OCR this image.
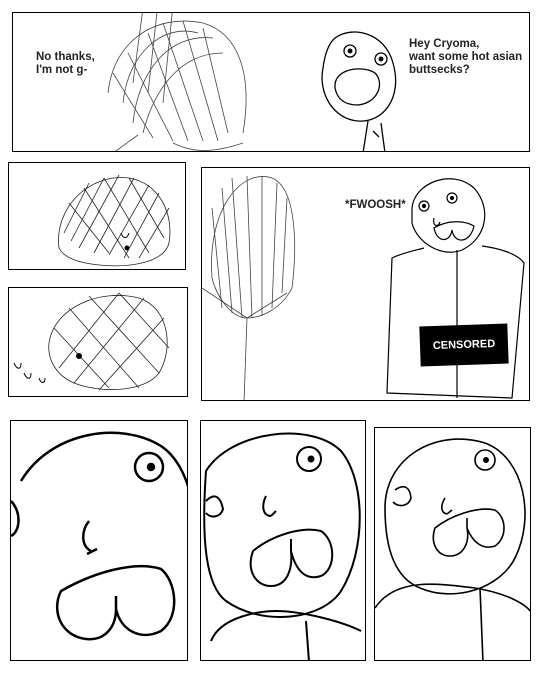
No thanks,
I'm not g-
Hey Cryoma,
want some hot asian
buttsecks?
*FWOOSH*
CENSORED
